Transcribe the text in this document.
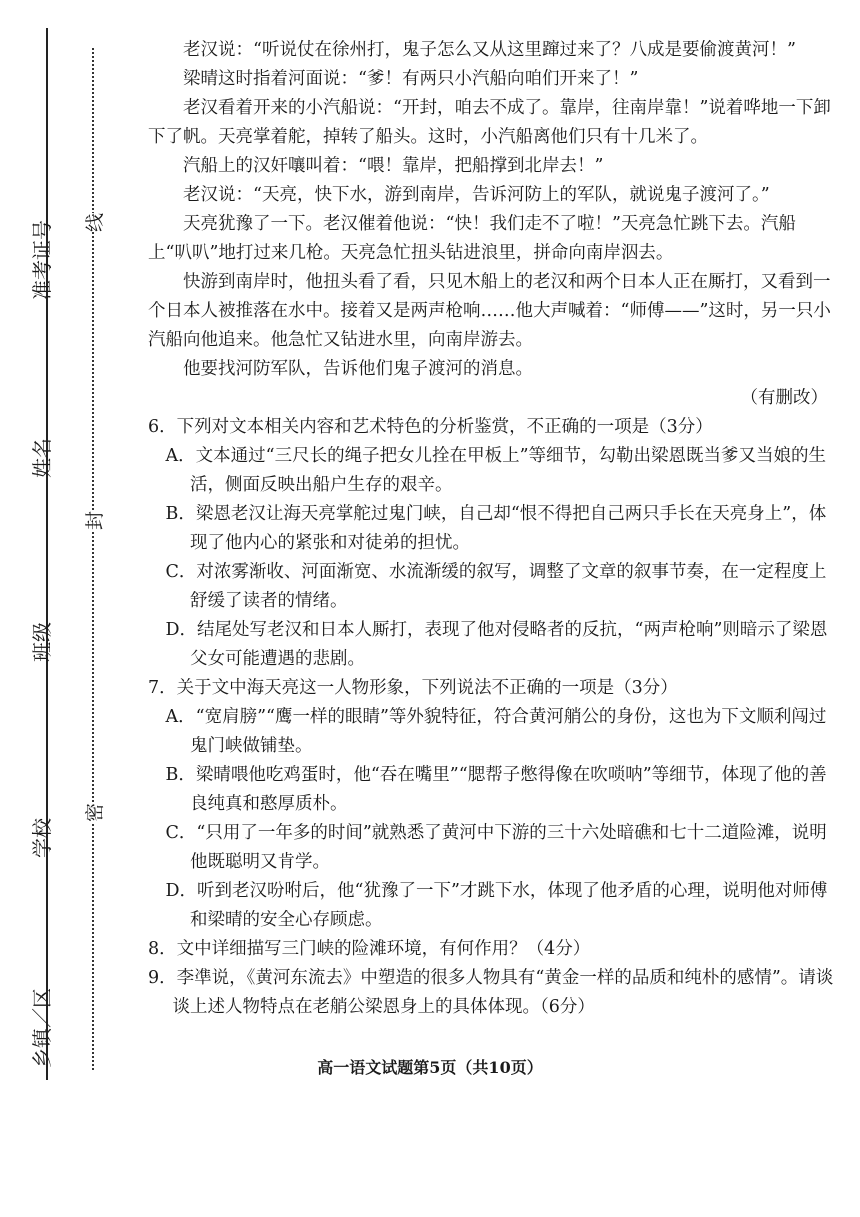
准考证号
姓名
班级
学校
乡镇／区
线
封
密

老汉说：“听说仗在徐州打，鬼子怎么又从这里蹿过来了？八成是要偷渡黄河！”

梁晴这时指着河面说：“爹！有两只小汽船向咱们开来了！”

老汉看着开来的小汽船说：“开封，咱去不成了。靠岸，往南岸靠！”说着哗地一下卸下了帆。天亮掌着舵，掉转了船头。这时，小汽船离他们只有十几米了。

汽船上的汉奸嚷叫着：“喂！靠岸，把船撑到北岸去！”

老汉说：“天亮，快下水，游到南岸，告诉河防上的军队，就说鬼子渡河了。”

天亮犹豫了一下。老汉催着他说：“快！我们走不了啦！”天亮急忙跳下去。汽船上“叭叭”地打过来几枪。天亮急忙扭头钻进浪里，拼命向南岸泅去。

快游到南岸时，他扭头看了看，只见木船上的老汉和两个日本人正在厮打，又看到一个日本人被推落在水中。接着又是两声枪响……他大声喊着：“师傅——”这时，另一只小汽船向他追来。他急忙又钻进水里，向南岸游去。

他要找河防军队，告诉他们鬼子渡河的消息。

（有删改）

6．下列对文本相关内容和艺术特色的分析鉴赏，不正确的一项是（3分）

A．文本通过“三尺长的绳子把女儿拴在甲板上”等细节，勾勒出梁恩既当爹又当娘的生活，侧面反映出船户生存的艰辛。

B．梁恩老汉让海天亮掌舵过鬼门峡，自己却“恨不得把自己两只手长在天亮身上”，体现了他内心的紧张和对徒弟的担忧。

C．对浓雾渐收、河面渐宽、水流渐缓的叙写，调整了文章的叙事节奏，在一定程度上舒缓了读者的情绪。

D．结尾处写老汉和日本人厮打，表现了他对侵略者的反抗，“两声枪响”则暗示了梁恩父女可能遭遇的悲剧。

7．关于文中海天亮这一人物形象，下列说法不正确的一项是（3分）

A．“宽肩膀”“鹰一样的眼睛”等外貌特征，符合黄河艄公的身份，这也为下文顺利闯过鬼门峡做铺垫。

B．梁晴喂他吃鸡蛋时，他“吞在嘴里”“腮帮子憋得像在吹唢呐”等细节，体现了他的善良纯真和憨厚质朴。

C．“只用了一年多的时间”就熟悉了黄河中下游的三十六处暗礁和七十二道险滩，说明他既聪明又肯学。

D．听到老汉吩咐后，他“犹豫了一下”才跳下水，体现了他矛盾的心理，说明他对师傅和梁晴的安全心存顾虑。

8．文中详细描写三门峡的险滩环境，有何作用？（4分）

9．李凖说，《黄河东流去》中塑造的很多人物具有“黄金一样的品质和纯朴的感情”。请谈谈上述人物特点在老艄公梁恩身上的具体体现。（6分）

高一语文试题第5页（共10页）
